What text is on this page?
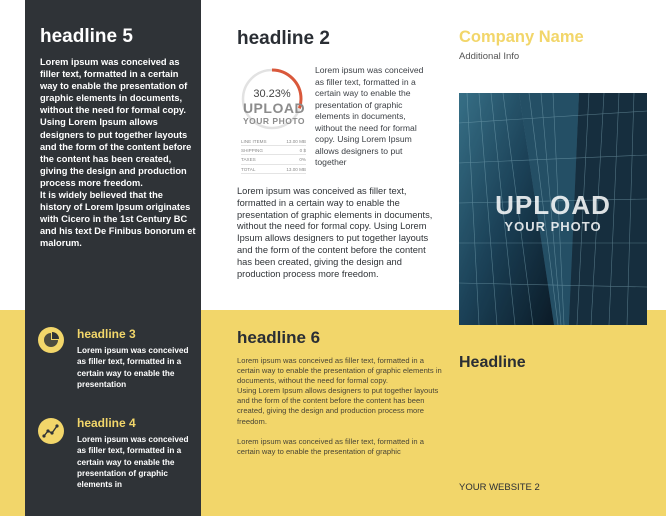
headline 5
Lorem ipsum was conceived as filler text, formatted in a certain way to enable the presentation of graphic elements in documents, without the need for formal copy. Using Lorem Ipsum allows designers to put together layouts and the form of the content before the content has been created, giving the design and production process more freedom.
It is widely believed that the history of Lorem Ipsum originates with Cicero in the 1st Century BC and his text De Finibus bonorum et malorum.
headline 3
Lorem ipsum was conceived as filler text, formatted in a certain way to enable the presentation
headline 4
Lorem ipsum was conceived as filler text, formatted in a certain way to enable the presentation of graphic elements in
headline 2
30.23%
UPLOAD
YOUR PHOTO
LINE ITEMS	13.00 MB
SHIPPING	0 $
TAXES	0%
TOTAL	13.00 MB
Lorem ipsum was conceived as filler text, formatted in a certain way to enable the presentation of graphic elements in documents, without the need for formal copy. Using Lorem Ipsum allows designers to put together
Lorem ipsum was conceived as filler text, formatted in a certain way to enable the presentation of graphic elements in documents, without the need for formal copy. Using Lorem Ipsum allows designers to put together layouts and the form of the content before the content has been created, giving the design and production process more freedom.
headline 6
Lorem ipsum was conceived as filler text, formatted in a certain way to enable the presentation of graphic elements in documents, without the need for formal copy.
Using Lorem Ipsum allows designers to put together layouts and the form of the content before the content has been created, giving the design and production process more freedom.

Lorem ipsum was conceived as filler text, formatted in a certain way to enable the presentation of graphic
Company Name
Additional Info
UPLOAD
YOUR PHOTO
Headline
YOUR WEBSITE 2
